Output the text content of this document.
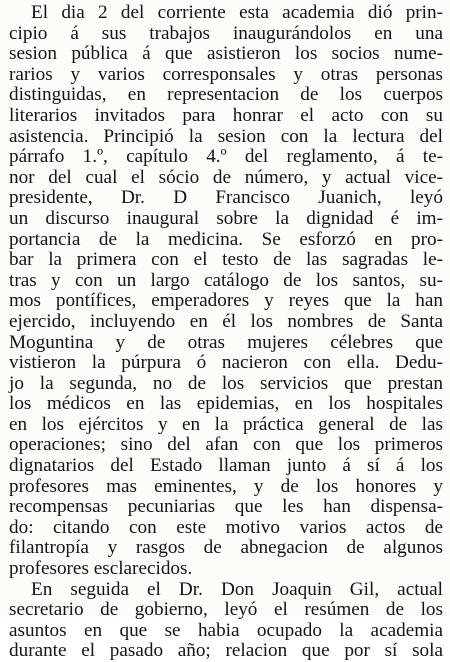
El dia 2 del corriente esta academia dió prin-
cipio á sus trabajos inaugurándolos en una
sesion pública á que asistieron los socios nume-
rarios y varios corresponsales y otras personas
distinguidas, en representacion de los cuerpos
literarios invitados para honrar el acto con su
asistencia. Principió la sesion con la lectura del
párrafo 1.º, capítulo 4.º del reglamento, á te-
nor del cual el sócio de número, y actual vice-
presidente, Dr. D Francisco Juanich, leyó
un discurso inaugural sobre la dignidad é im-
portancia de la medicina. Se esforzó en pro-
bar la primera con el testo de las sagradas le-
tras y con un largo catálogo de los santos, su-
mos pontífices, emperadores y reyes que la han
ejercido, incluyendo en él los nombres de Santa
Moguntina y de otras mujeres célebres que
vistieron la púrpura ó nacieron con ella. Dedu-
jo la segunda, no de los servicios que prestan
los médicos en las epidemias, en los hospitales
en los ejércitos y en la práctica general de las
operaciones; sino del afan con que los primeros
dignatarios del Estado llaman junto á sí á los
profesores mas eminentes, y de los honores y
recompensas pecuniarias que les han dispensa-
do: citando con este motivo varios actos de
filantropía y rasgos de abnegacion de algunos
profesores esclarecidos.
En seguida el Dr. Don Joaquin Gil, actual
secretario de gobierno, leyó el resúmen de los
asuntos en que se habia ocupado la academia
durante el pasado año; relacion que por sí sola
